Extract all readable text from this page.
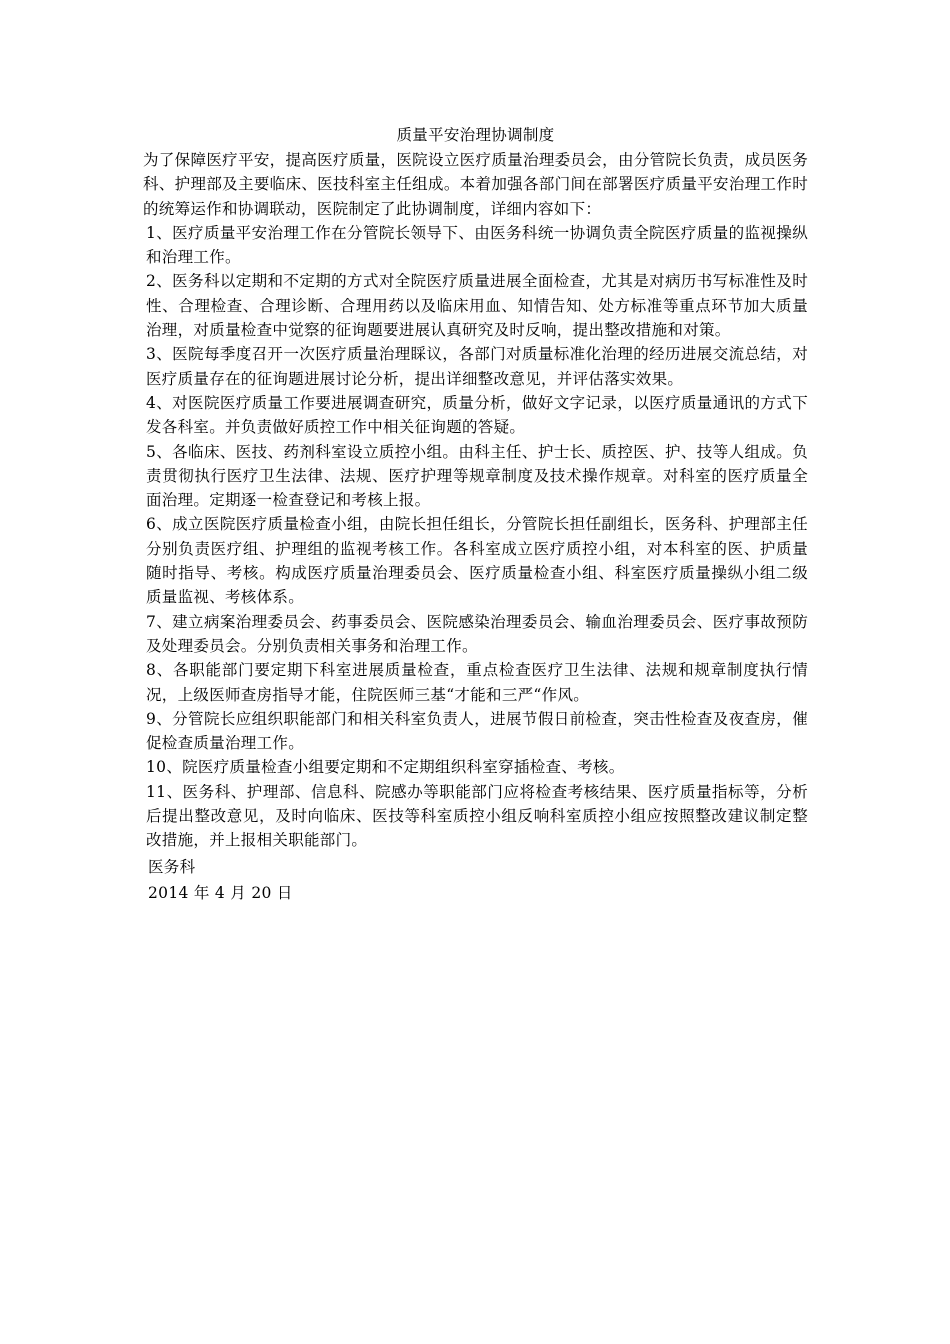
质量平安治理协调制度

为了保障医疗平安，提高医疗质量，医院设立医疗质量治理委员会，由分管院长负责，成员医务科、护理部及主要临床、医技科室主任组成。本着加强各部门间在部署医疗质量平安治理工作时的统筹运作和协调联动，医院制定了此协调制度，详细内容如下：

1、医疗质量平安治理工作在分管院长领导下、由医务科统一协调负责全院医疗质量的监视操纵和治理工作。

2、医务科以定期和不定期的方式对全院医疗质量进展全面检查，尤其是对病历书写标准性及时性、合理检查、合理诊断、合理用药以及临床用血、知情告知、处方标准等重点环节加大质量治理，对质量检查中觉察的征询题要进展认真研究及时反响，提出整改措施和对策。

3、医院每季度召开一次医疗质量治理睬议，各部门对质量标准化治理的经历进展交流总结，对医疗质量存在的征询题进展讨论分析，提出详细整改意见，并评估落实效果。

4、对医院医疗质量工作要进展调查研究，质量分析，做好文字记录，以医疗质量通讯的方式下发各科室。并负责做好质控工作中相关征询题的答疑。

5、各临床、医技、药剂科室设立质控小组。由科主任、护士长、质控医、护、技等人组成。负责贯彻执行医疗卫生法律、法规、医疗护理等规章制度及技术操作规章。对科室的医疗质量全面治理。定期逐一检查登记和考核上报。

6、成立医院医疗质量检查小组，由院长担任组长，分管院长担任副组长，医务科、护理部主任分别负责医疗组、护理组的监视考核工作。各科室成立医疗质控小组，对本科室的医、护质量随时指导、考核。构成医疗质量治理委员会、医疗质量检查小组、科室医疗质量操纵小组二级质量监视、考核体系。

7、建立病案治理委员会、药事委员会、医院感染治理委员会、输血治理委员会、医疗事故预防及处理委员会。分别负责相关事务和治理工作。

8、各职能部门要定期下科室进展质量检查，重点检查医疗卫生法律、法规和规章制度执行情况，上级医师查房指导才能，住院医师三基“才能和三严“作风。

9、分管院长应组织职能部门和相关科室负责人，进展节假日前检查，突击性检查及夜查房，催促检查质量治理工作。

10、院医疗质量检查小组要定期和不定期组织科室穿插检查、考核。

11、医务科、护理部、信息科、院感办等职能部门应将检查考核结果、医疗质量指标等，分析后提出整改意见，及时向临床、医技等科室质控小组反响科室质控小组应按照整改建议制定整改措施，并上报相关职能部门。

医务科

2014 年 4 月 20 日
